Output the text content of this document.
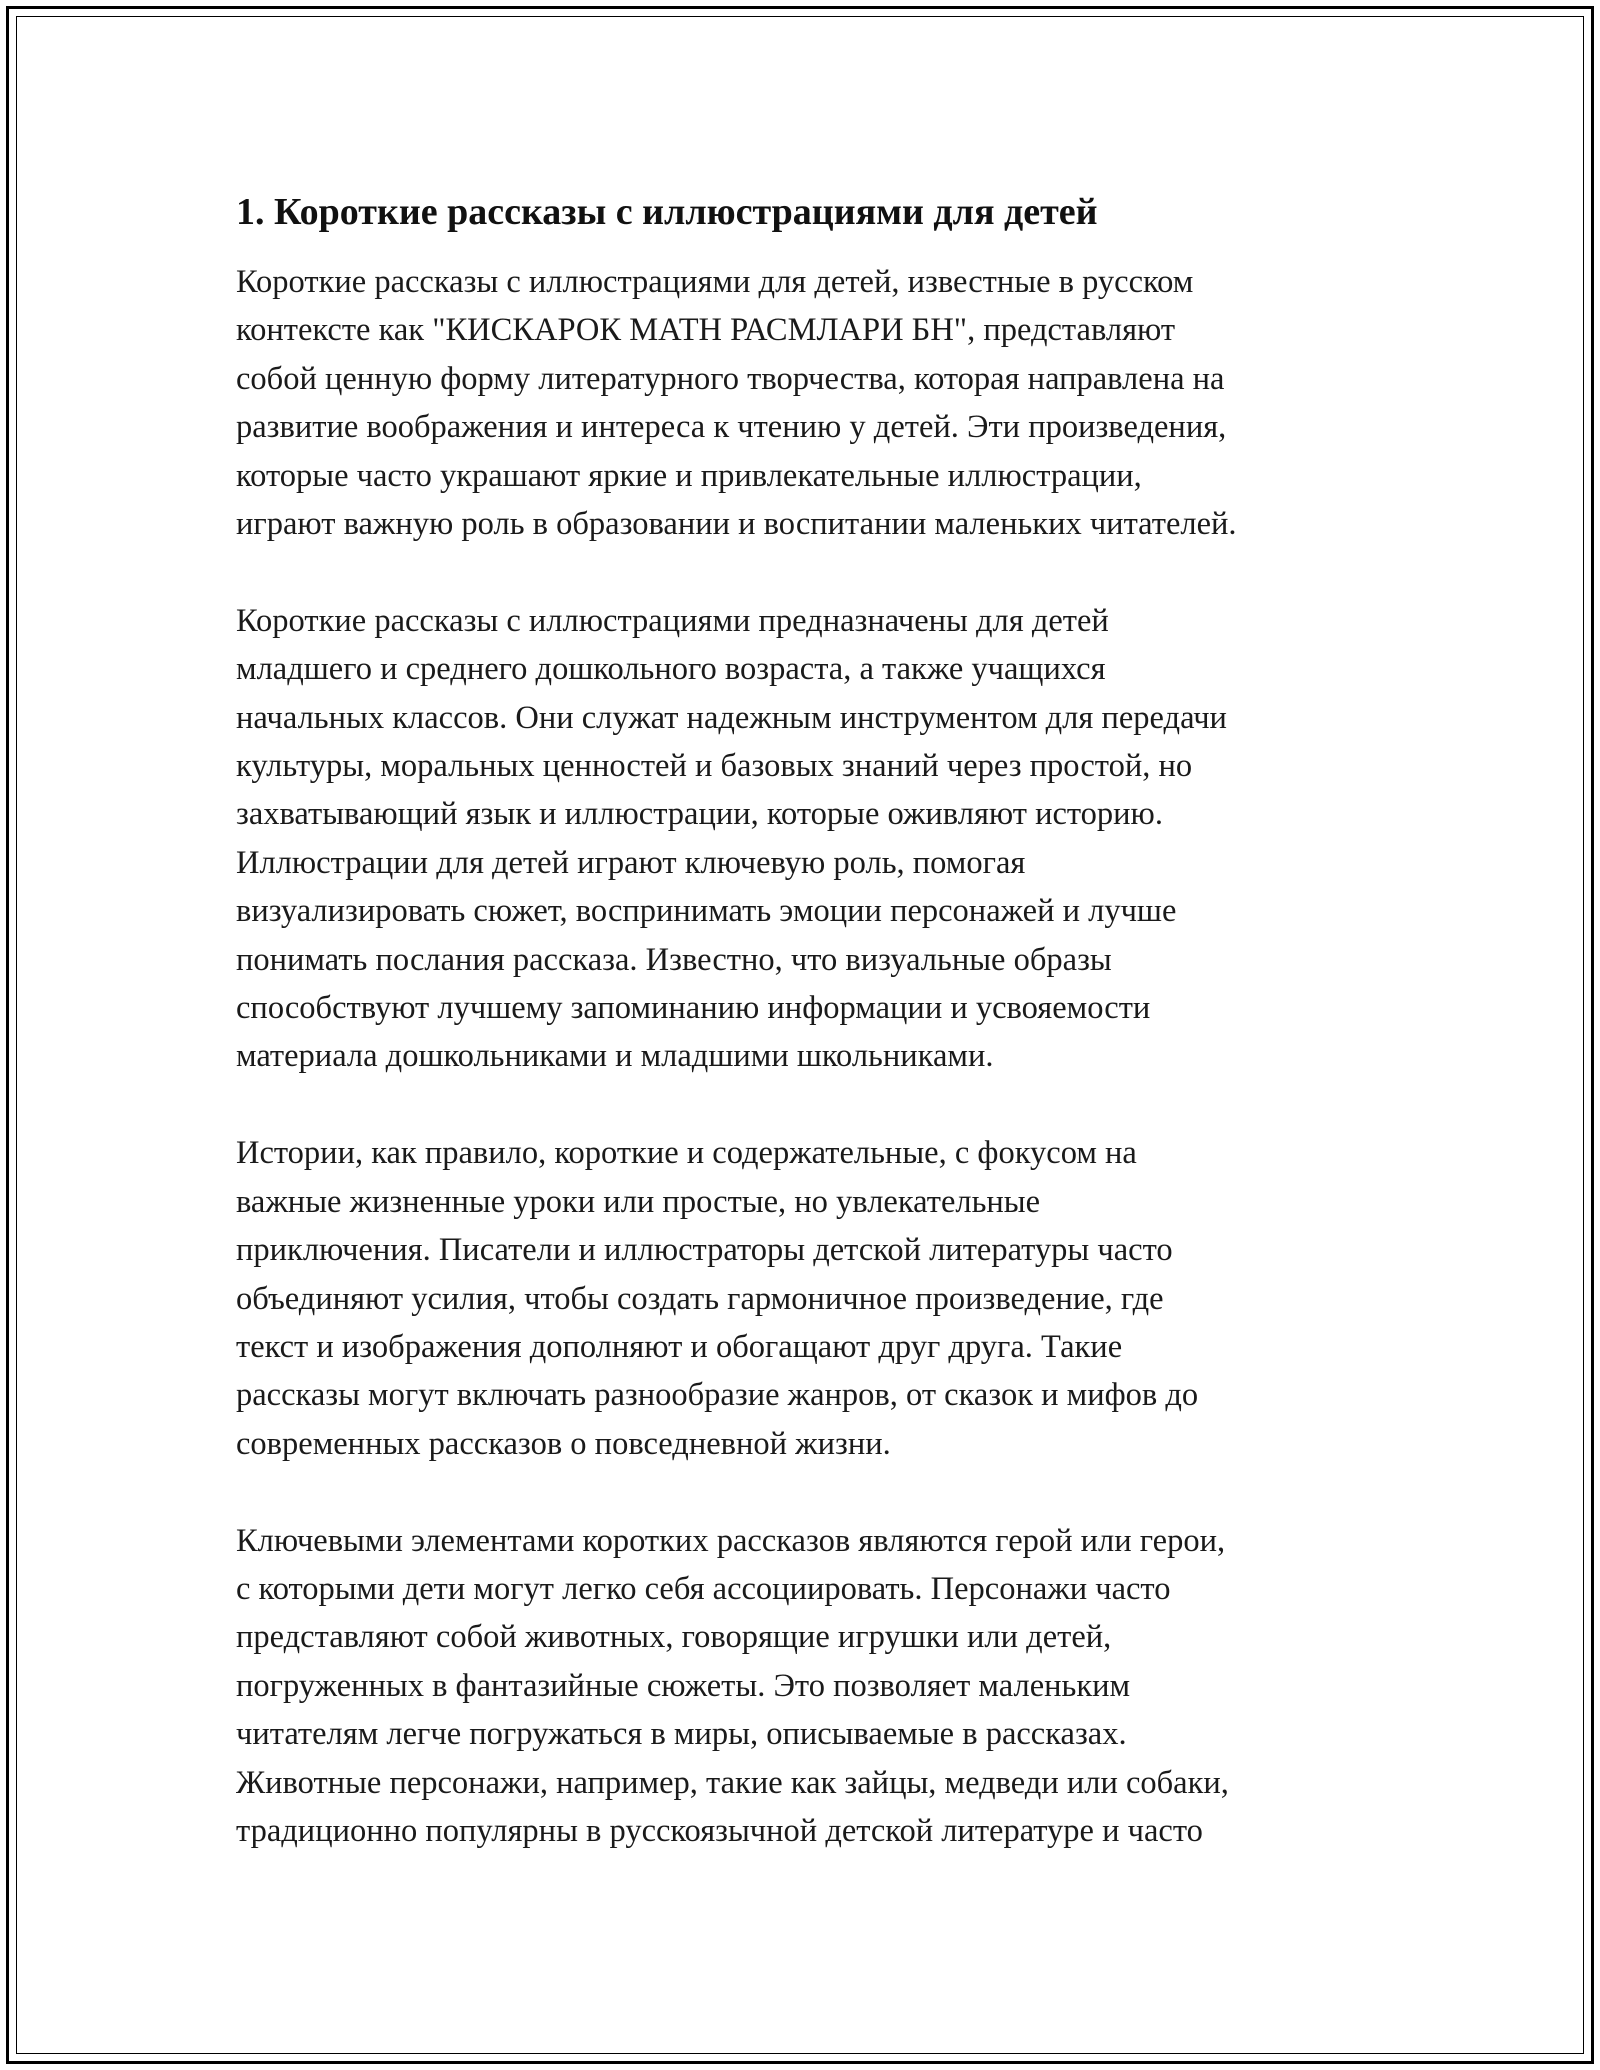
1. Короткие рассказы с иллюстрациями для детей

Короткие рассказы с иллюстрациями для детей, известные в русском
контексте как "КИСКАРОК МАТН РАСМЛАРИ БН", представляют
собой ценную форму литературного творчества, которая направлена на
развитие воображения и интереса к чтению у детей. Эти произведения,
которые часто украшают яркие и привлекательные иллюстрации,
играют важную роль в образовании и воспитании маленьких читателей.

Короткие рассказы с иллюстрациями предназначены для детей
младшего и среднего дошкольного возраста, а также учащихся
начальных классов. Они служат надежным инструментом для передачи
культуры, моральных ценностей и базовых знаний через простой, но
захватывающий язык и иллюстрации, которые оживляют историю.
Иллюстрации для детей играют ключевую роль, помогая
визуализировать сюжет, воспринимать эмоции персонажей и лучше
понимать послания рассказа. Известно, что визуальные образы
способствуют лучшему запоминанию информации и усвояемости
материала дошкольниками и младшими школьниками.

Истории, как правило, короткие и содержательные, с фокусом на
важные жизненные уроки или простые, но увлекательные
приключения. Писатели и иллюстраторы детской литературы часто
объединяют усилия, чтобы создать гармоничное произведение, где
текст и изображения дополняют и обогащают друг друга. Такие
рассказы могут включать разнообразие жанров, от сказок и мифов до
современных рассказов о повседневной жизни.

Ключевыми элементами коротких рассказов являются герой или герои,
с которыми дети могут легко себя ассоциировать. Персонажи часто
представляют собой животных, говорящие игрушки или детей,
погруженных в фантазийные сюжеты. Это позволяет маленьким
читателям легче погружаться в миры, описываемые в рассказах.
Животные персонажи, например, такие как зайцы, медведи или собаки,
традиционно популярны в русскоязычной детской литературе и часто
